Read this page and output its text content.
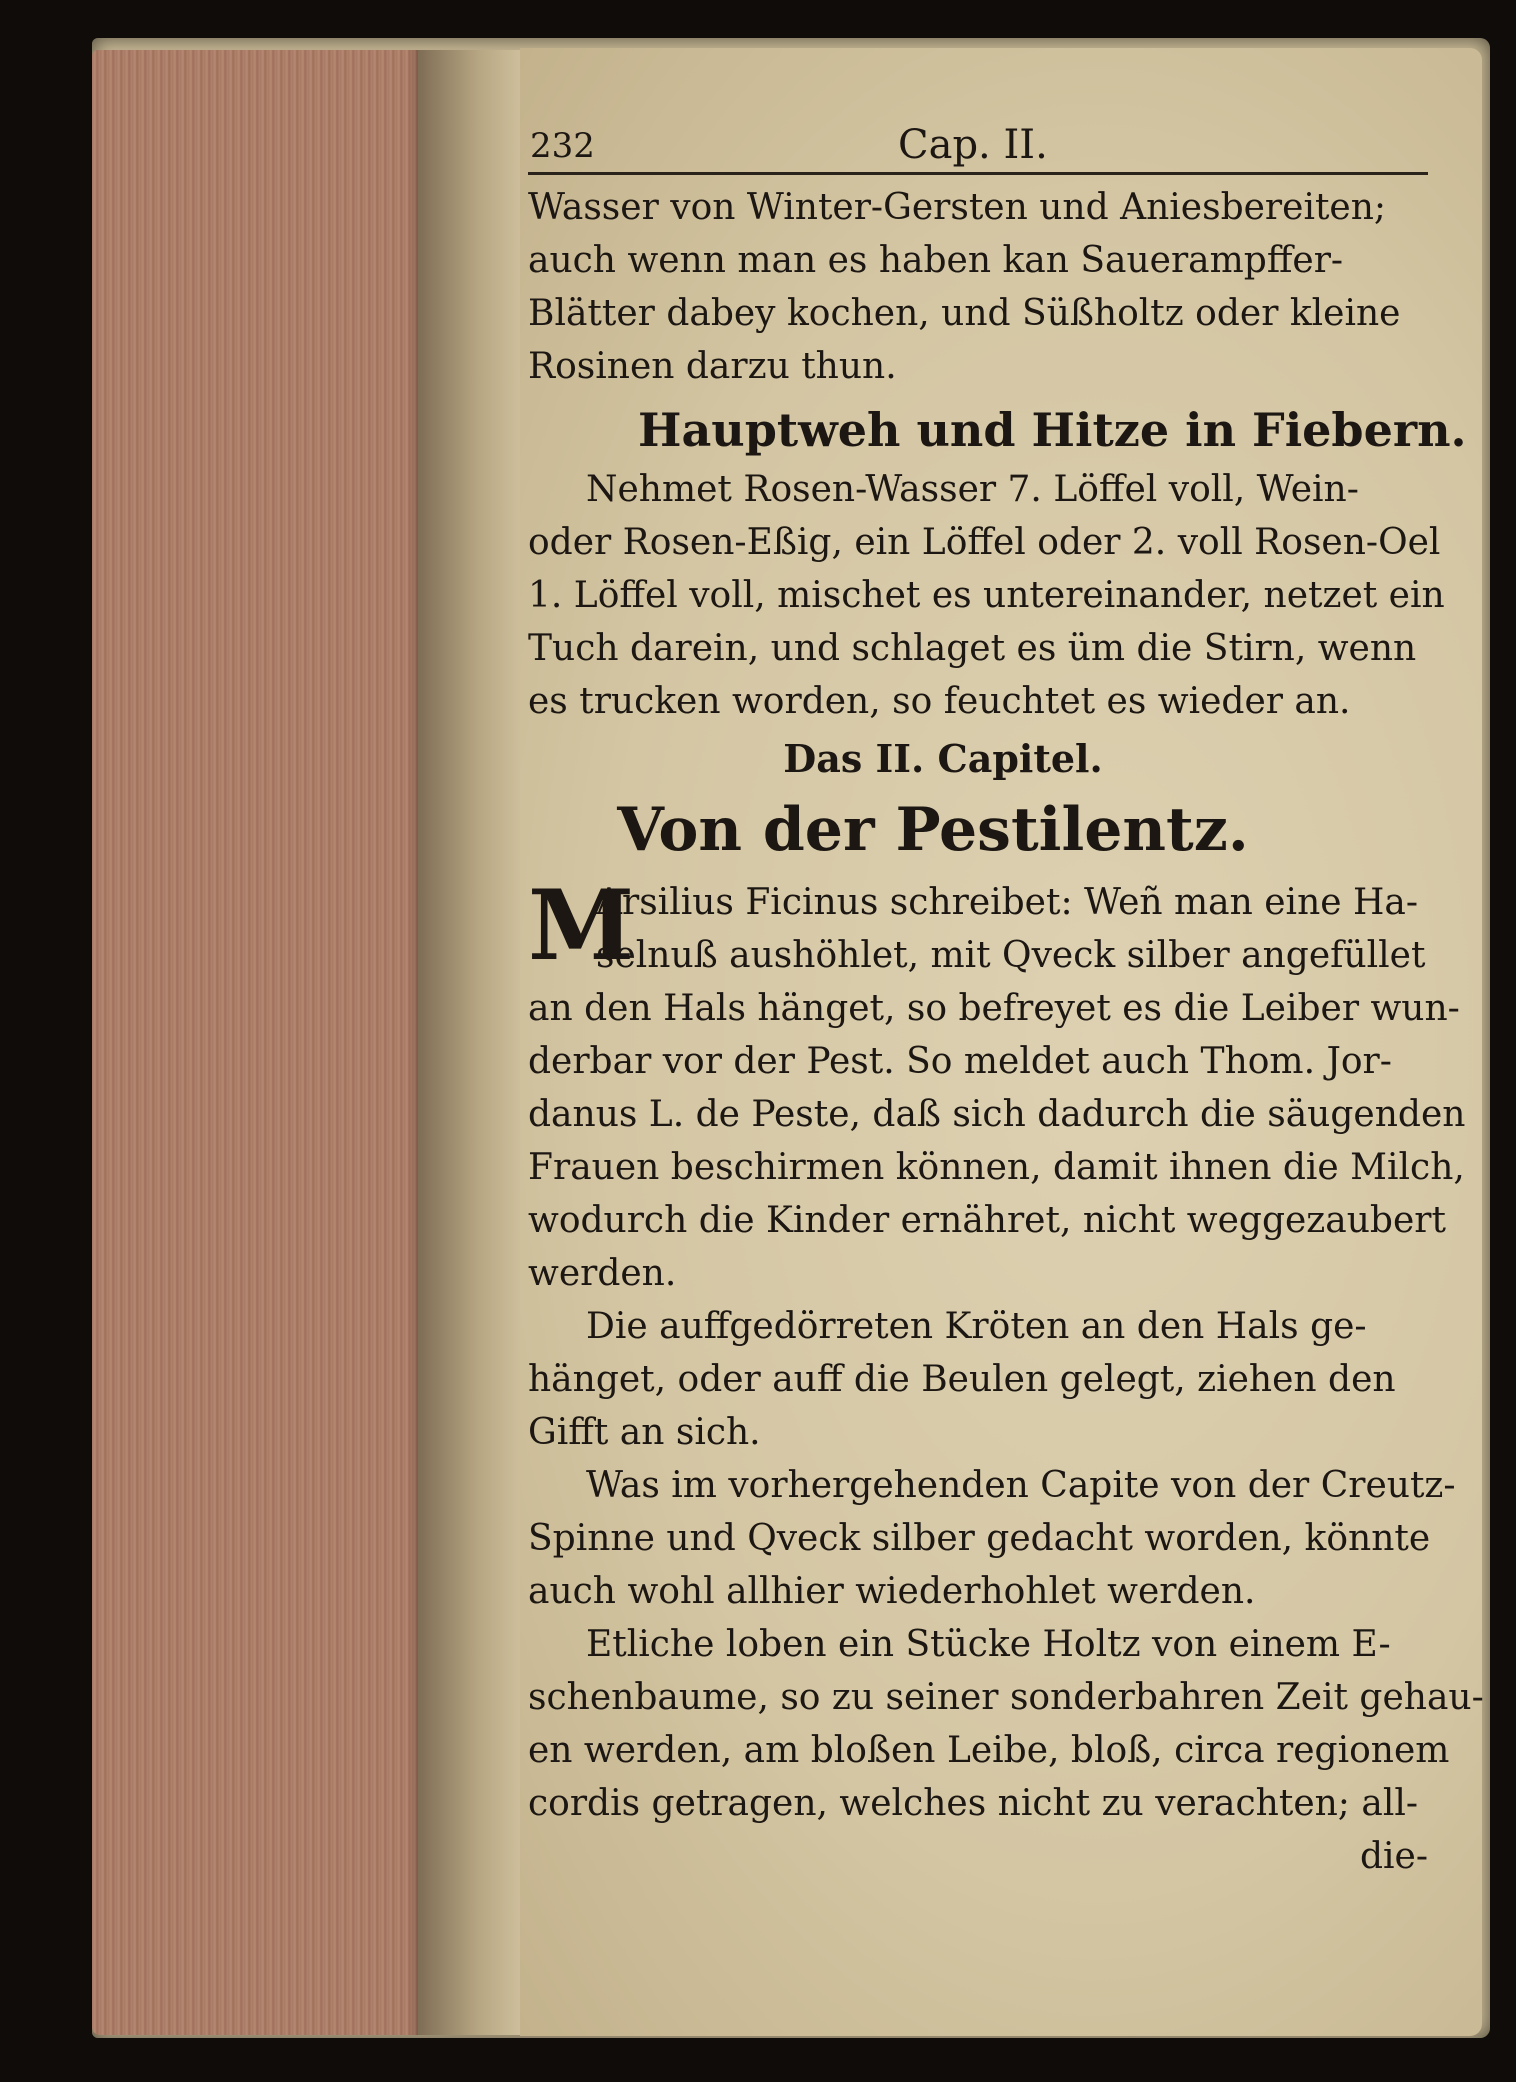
232	Cap. II.
Wasser von Winter-Gersten und Aniesbereiten;
auch wenn man es haben kan Sauerampffer-
Blätter dabey kochen, und Süßholtz oder kleine
Rosinen darzu thun.
Hauptweh und Hitze in Fiebern.
Nehmet Rosen-Wasser 7. Löffel voll, Wein-
oder Rosen-Eßig, ein Löffel oder 2. voll Rosen-Oel
1. Löffel voll, mischet es untereinander, netzet ein
Tuch darein, und schlaget es üm die Stirn, wenn
es trucken worden, so feuchtet es wieder an.
Das II. Capitel.
Von der Pestilentz.
M
Arsilius Ficinus schreibet: Weñ man eine Ha-
selnuß aushöhlet, mit Qveck silber angefüllet
an den Hals hänget, so befreyet es die Leiber wun-
derbar vor der Pest. So meldet auch Thom. Jor-
danus L. de Peste, daß sich dadurch die säugenden
Frauen beschirmen können, damit ihnen die Milch,
wodurch die Kinder ernähret, nicht weggezaubert
werden.
Die auffgedörreten Kröten an den Hals ge-
hänget, oder auff die Beulen gelegt, ziehen den
Gifft an sich.
Was im vorhergehenden Capite von der Creutz-
Spinne und Qveck silber gedacht worden, könnte
auch wohl allhier wiederhohlet werden.
Etliche loben ein Stücke Holtz von einem E-
schenbaume, so zu seiner sonderbahren Zeit gehau-
en werden, am bloßen Leibe, bloß, circa regionem
cordis getragen, welches nicht zu verachten; all-
die-
